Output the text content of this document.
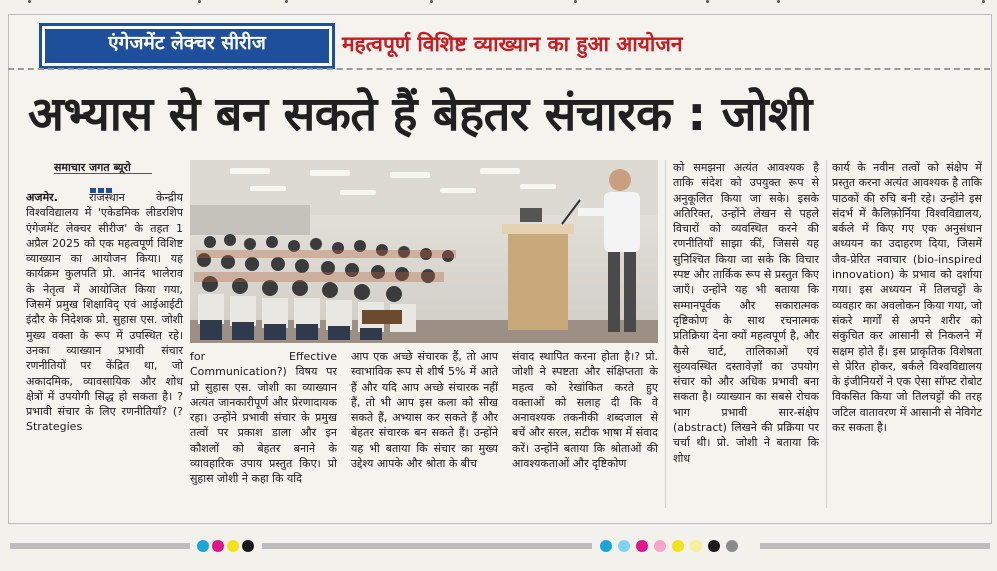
एंगेजमेंट लेक्चर सीरीज	महत्वपूर्ण विशिष्ट व्याख्यान का हुआ आयोजन
अभ्यास से बन सकते हैं बेहतर संचारक : जोशी
समाचार जगत ब्यूरो

अजमेर. राजस्थान केन्द्रीय विश्वविद्यालय में 'एकेडमिक लीडरशिप एंगेजमेंट लेक्चर सीरीज' के तहत 1 अप्रैल 2025 को एक महत्वपूर्ण विशिष्ट व्याख्यान का आयोजन किया। यह कार्यक्रम कुलपति प्रो. आनंद भालेराव के नेतृत्व में आयोजित किया गया, जिसमें प्रमुख शिक्षाविद् एवं आईआईटी इंदौर के निदेशक प्रो. सुहास एस. जोशी मुख्य वक्ता के रूप में उपस्थित रहे। उनका व्याख्यान प्रभावी संचार रणनीतियों पर केंद्रित था, जो अकादमिक, व्यावसायिक और शोध क्षेत्रों में उपयोगी सिद्ध हो सकता है। ?प्रभावी संचार के लिए रणनीतियाँ? (?Strategies

for Effective Communication?) विषय पर प्रो सुहास एस. जोशी का व्याख्यान अत्यंत जानकारीपूर्ण और प्रेरणादायक रहा। उन्होंने प्रभावी संचार के प्रमुख तत्वों पर प्रकाश डाला और इन कौशलों को बेहतर बनाने के व्यावहारिक उपाय प्रस्तुत किए। प्रो सुहास जोशी ने कहा कि यदि

आप एक अच्छे संचारक हैं, तो आप स्वाभाविक रूप से शीर्ष 5% में आते हैं और यदि आप अच्छे संचारक नहीं हैं, तो भी आप इस कला को सीख सकते हैं, अभ्यास कर सकते हैं और बेहतर संचारक बन सकते हैं। उन्होंने यह भी बताया कि संचार का मुख्य उद्देश्य आपके और श्रोता के बीच

संवाद स्थापित करना होता है।? प्रो. जोशी ने स्पष्टता और संक्षिप्तता के महत्व को रेखांकित करते हुए वक्ताओं को सलाह दी कि वे अनावश्यक तकनीकी शब्दजाल से बचें और सरल, सटीक भाषा में संवाद करें। उन्होंने बताया कि श्रोताओं की आवश्यकताओं और दृष्टिकोण

को समझना अत्यंत आवश्यक है ताकि संदेश को उपयुक्त रूप से अनुकूलित किया जा सके। इसके अतिरिक्त, उन्होंने लेखन से पहले विचारों को व्यवस्थित करने की रणनीतियाँ साझा कीं, जिससे यह सुनिश्चित किया जा सके कि विचार स्पष्ट और तार्किक रूप से प्रस्तुत किए जाएँ। उन्होंने यह भी बताया कि सम्मानपूर्वक और सकारात्मक दृष्टिकोण के साथ रचनात्मक प्रतिक्रिया देना क्यों महत्वपूर्ण है, और कैसे चार्ट, तालिकाओं एवं सुव्यवस्थित दस्तावेज़ों का उपयोग संचार को और अधिक प्रभावी बना सकता है। व्याख्यान का सबसे रोचक भाग प्रभावी सार-संक्षेप (abstract) लिखने की प्रक्रिया पर चर्चा थी। प्रो. जोशी ने बताया कि शोध

कार्य के नवीन तत्वों को संक्षेप में प्रस्तुत करना अत्यंत आवश्यक है ताकि पाठकों की रुचि बनी रहे। उन्होंने इस संदर्भ में कैलिफ़ोर्निया विश्वविद्यालय, बर्कले में किए गए एक अनुसंधान अध्ययन का उदाहरण दिया, जिसमें जैव-प्रेरित नवाचार (bio-inspired innovation) के प्रभाव को दर्शाया गया। इस अध्ययन में तिलचट्टों के व्यवहार का अवलोकन किया गया, जो संकरे मार्गों से अपने शरीर को संकुचित कर आसानी से निकलने में सक्षम होते हैं। इस प्राकृतिक विशेषता से प्रेरित होकर, बर्कले विश्वविद्यालय के इंजीनियरों ने एक ऐसा सॉफ्ट रोबोट विकसित किया जो तिलचट्टों की तरह जटिल वातावरण में आसानी से नेविगेट कर सकता है।
